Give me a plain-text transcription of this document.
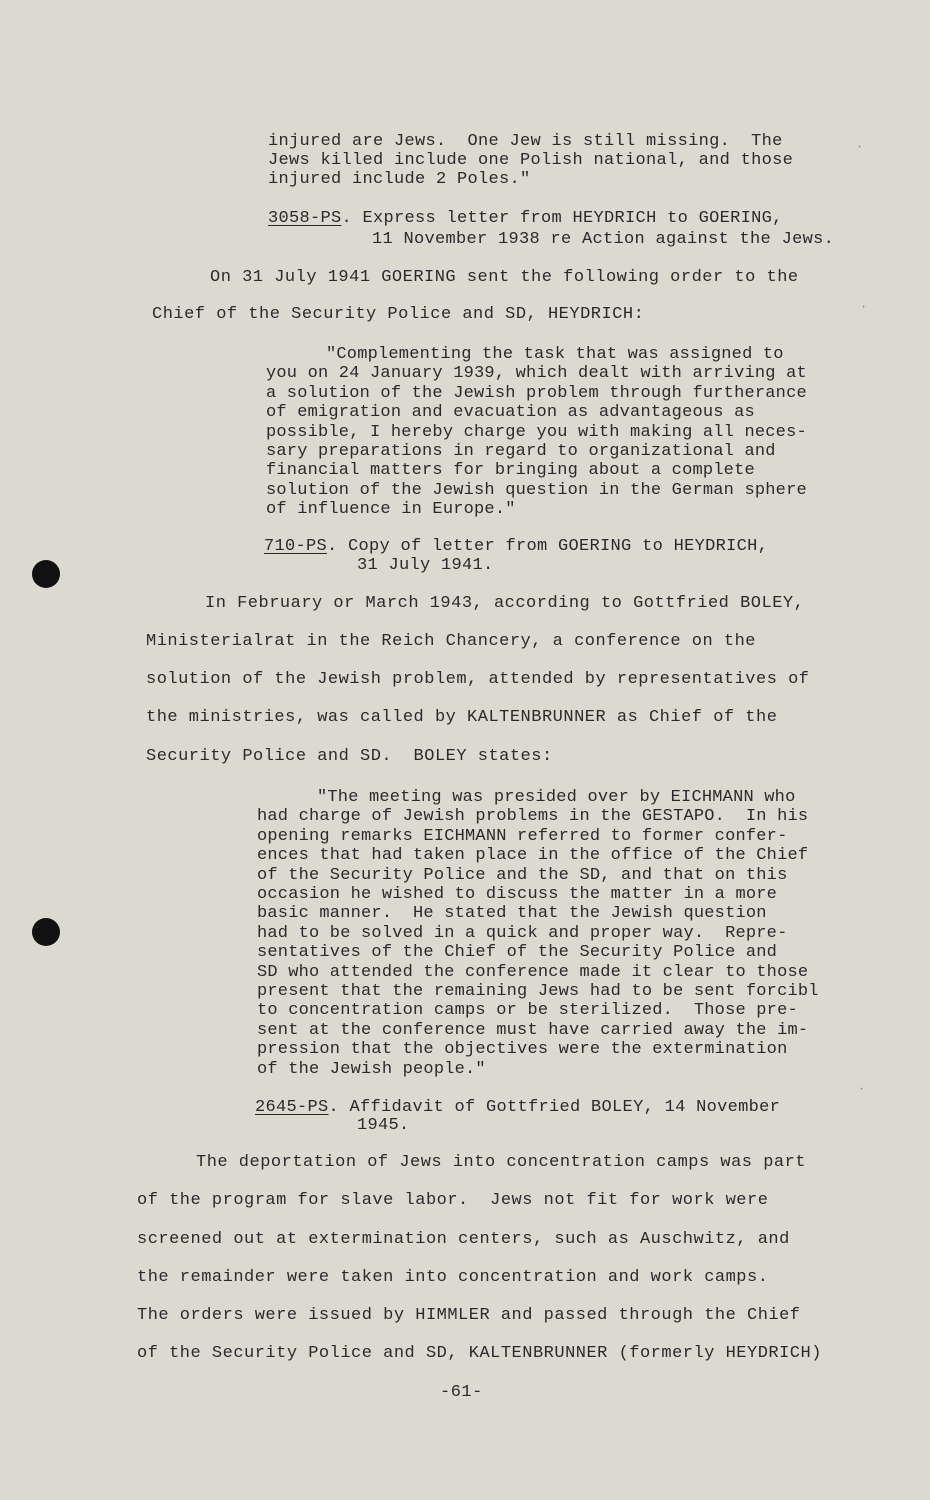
·
·
·
injured are Jews.  One Jew is still missing.  The
Jews killed include one Polish national, and those
injured include 2 Poles."
3058-PS. Express letter from HEYDRICH to GOERING,
11 November 1938 re Action against the Jews.
On 31 July 1941 GOERING sent the following order to the
Chief of the Security Police and SD, HEYDRICH:
"Complementing the task that was assigned to
you on 24 January 1939, which dealt with arriving at
a solution of the Jewish problem through furtherance
of emigration and evacuation as advantageous as
possible, I hereby charge you with making all neces-
sary preparations in regard to organizational and
financial matters for bringing about a complete
solution of the Jewish question in the German sphere
of influence in Europe."
710-PS. Copy of letter from GOERING to HEYDRICH,
31 July 1941.
In February or March 1943, according to Gottfried BOLEY,
Ministerialrat in the Reich Chancery, a conference on the
solution of the Jewish problem, attended by representatives of
the ministries, was called by KALTENBRUNNER as Chief of the
Security Police and SD.  BOLEY states:
"The meeting was presided over by EICHMANN who
had charge of Jewish problems in the GESTAPO.  In his
opening remarks EICHMANN referred to former confer-
ences that had taken place in the office of the Chief
of the Security Police and the SD, and that on this
occasion he wished to discuss the matter in a more
basic manner.  He stated that the Jewish question
had to be solved in a quick and proper way.  Repre-
sentatives of the Chief of the Security Police and
SD who attended the conference made it clear to those
present that the remaining Jews had to be sent forcibl
to concentration camps or be sterilized.  Those pre-
sent at the conference must have carried away the im-
pression that the objectives were the extermination
of the Jewish people."
2645-PS. Affidavit of Gottfried BOLEY, 14 November
1945.
The deportation of Jews into concentration camps was part
of the program for slave labor.  Jews not fit for work were
screened out at extermination centers, such as Auschwitz, and
the remainder were taken into concentration and work camps.
The orders were issued by HIMMLER and passed through the Chief
of the Security Police and SD, KALTENBRUNNER (formerly HEYDRICH)
-61-
